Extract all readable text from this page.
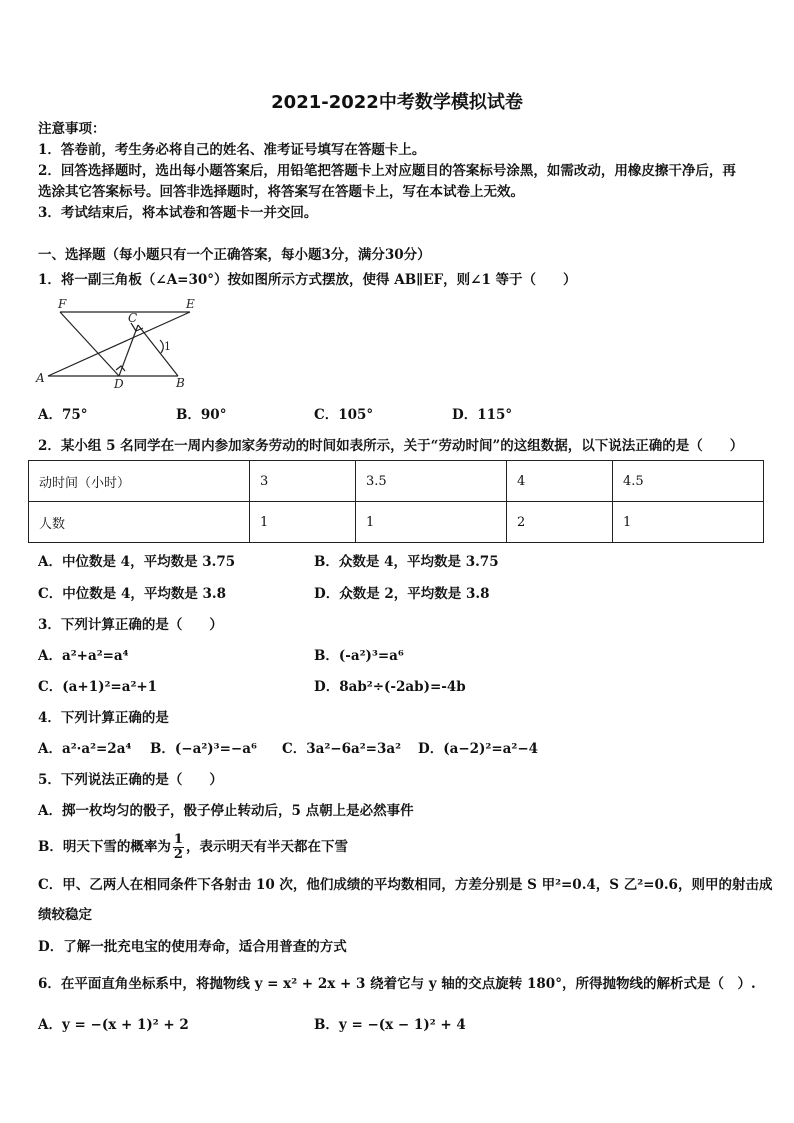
2021-2022中考数学模拟试卷
注意事项：
1．答卷前，考生务必将自己的姓名、准考证号填写在答题卡上。
2．回答选择题时，选出每小题答案后，用铅笔把答题卡上对应题目的答案标号涂黑，如需改动，用橡皮擦干净后，再
选涂其它答案标号。回答非选择题时，将答案写在答题卡上，写在本试卷上无效。
3．考试结束后，将本试卷和答题卡一并交回。
一、选择题（每小题只有一个正确答案，每小题3分，满分30分）
1．将一副三角板（∠A=30°）按如图所示方式摆放，使得 AB∥EF，则∠1 等于（　　）
F	E
C
A	D	B
1
A．75°	B．90°	C．105°	D．115°
2．某小组 5 名同学在一周内参加家务劳动的时间如表所示，关于“劳动时间”的这组数据，以下说法正确的是（　　）
动时间（小时）	3	3.5	4	4.5
人数	1	1	2	1
A．中位数是 4，平均数是 3.75	B．众数是 4，平均数是 3.75
C．中位数是 4，平均数是 3.8	D．众数是 2，平均数是 3.8
3．下列计算正确的是（　　）
A．a²+a²=a⁴	B．(-a²)³=a⁶
C．(a+1)²=a²+1	D．8ab²÷(-2ab)=-4b
4．下列计算正确的是
A．a²·a²=2a⁴ B．(−a²)³=−a⁶ C．3a²−6a²=3a² D．(a−2)²=a²−4
5．下列说法正确的是（　　）
A．掷一枚均匀的骰子，骰子停止转动后，5 点朝上是必然事件
B．明天下雪的概率为 $\frac{1}{2}$ ，表示明天有半天都在下雪
C．甲、乙两人在相同条件下各射击 10 次，他们成绩的平均数相同，方差分别是 S 甲²=0.4，S 乙²=0.6，则甲的射击成
绩较稳定
D．了解一批充电宝的使用寿命，适合用普查的方式
6．在平面直角坐标系中，将抛物线 y = x² + 2x + 3 绕着它与 y 轴的交点旋转 180°，所得抛物线的解析式是（　）.
A．y = −(x + 1)² + 2	B．y = −(x − 1)² + 4
